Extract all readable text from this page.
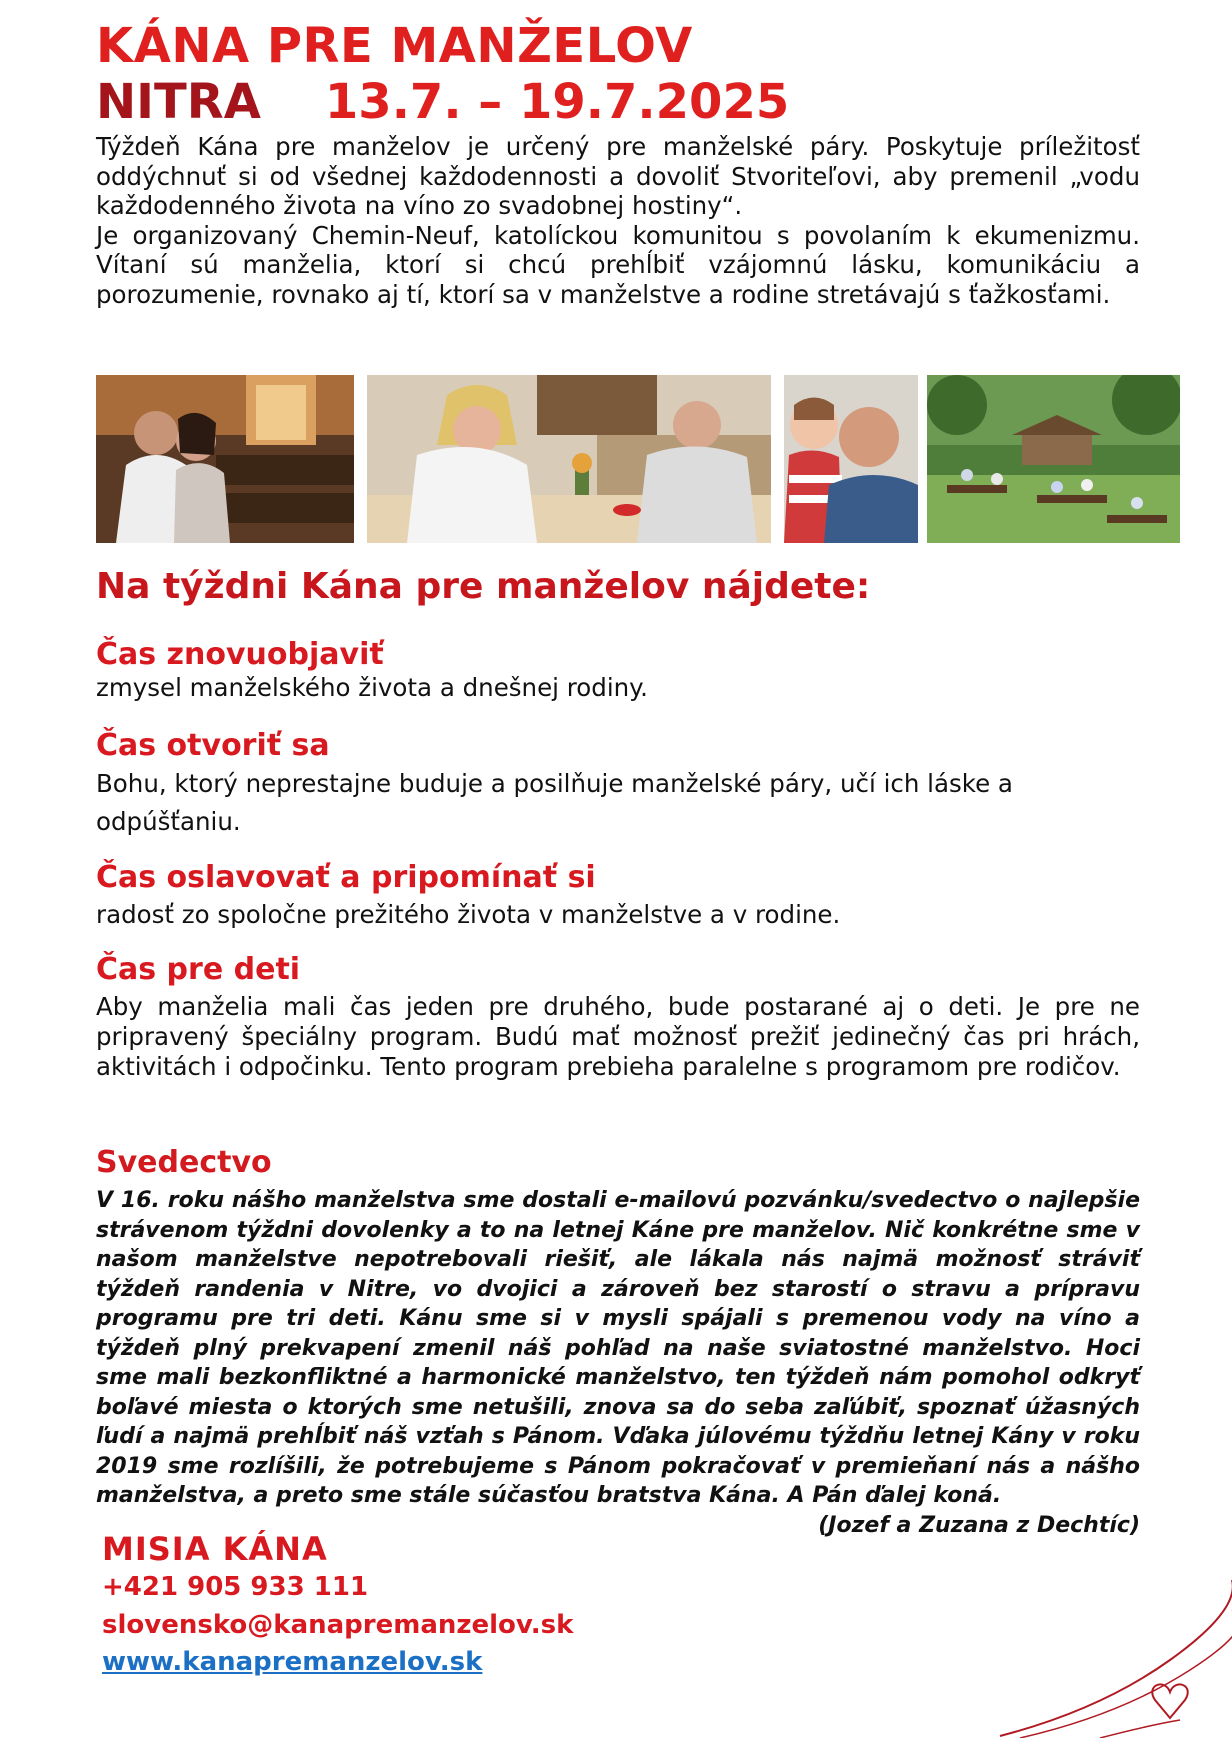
KÁNA PRE MANŽELOV
NITRA 13.7. – 19.7.2025

Týždeň Kána pre manželov je určený pre manželské páry. Poskytuje príležitosť oddýchnuť si od všednej každodennosti a dovoliť Stvoriteľovi, aby premenil „vodu každodenného života na víno zo svadobnej hostiny“.

Je organizovaný Chemin-Neuf, katolíckou komunitou s povolaním k ekumenizmu. Vítaní sú manželia, ktorí si chcú prehĺbiť vzájomnú lásku, komunikáciu a porozumenie, rovnako aj tí, ktorí sa v manželstve a rodine stretávajú s ťažkosťami.

Na týždni Kána pre manželov nájdete:
Čas znovuobjaviť
zmysel manželského života a dnešnej rodiny.
Čas otvoriť sa
Bohu, ktorý neprestajne buduje a posilňuje manželské páry, učí ich láske a odpúšťaniu.
Čas oslavovať a pripomínať si
radosť zo spoločne prežitého života v manželstve a v rodine.
Čas pre deti
Aby manželia mali čas jeden pre druhého, bude postarané aj o deti. Je pre ne pripravený špeciálny program. Budú mať možnosť prežiť jedinečný čas pri hrách, aktivitách i odpočinku. Tento program prebieha paralelne s programom pre rodičov.
Svedectvo
V 16. roku nášho manželstva sme dostali e-mailovú pozvánku/svedectvo o najlepšie strávenom týždni dovolenky a to na letnej Káne pre manželov. Nič konkrétne sme v našom manželstve nepotrebovali riešiť, ale lákala nás najmä možnosť stráviť týždeň randenia v Nitre, vo dvojici a zároveň bez starostí o stravu a prípravu programu pre tri deti. Kánu sme si v mysli spájali s premenou vody na víno a týždeň plný prekvapení zmenil náš pohľad na naše sviatostné manželstvo. Hoci sme mali bezkonfliktné a harmonické manželstvo, ten týždeň nám pomohol odkryť boľavé miesta o ktorých sme netušili, znova sa do seba zaľúbiť, spoznať úžasných ľudí a najmä prehĺbiť náš vzťah s Pánom. Vďaka júlovému týždňu letnej Kány v roku 2019 sme rozlíšili, že potrebujeme s Pánom pokračovať v premieňaní nás a nášho manželstva, a preto sme stále súčasťou bratstva Kána. A Pán ďalej koná.
(Jozef a Zuzana z Dechtíc)
MISIA KÁNA
+421 905 933 111
slovensko@kanapremanzelov.sk
www.kanapremanzelov.sk
